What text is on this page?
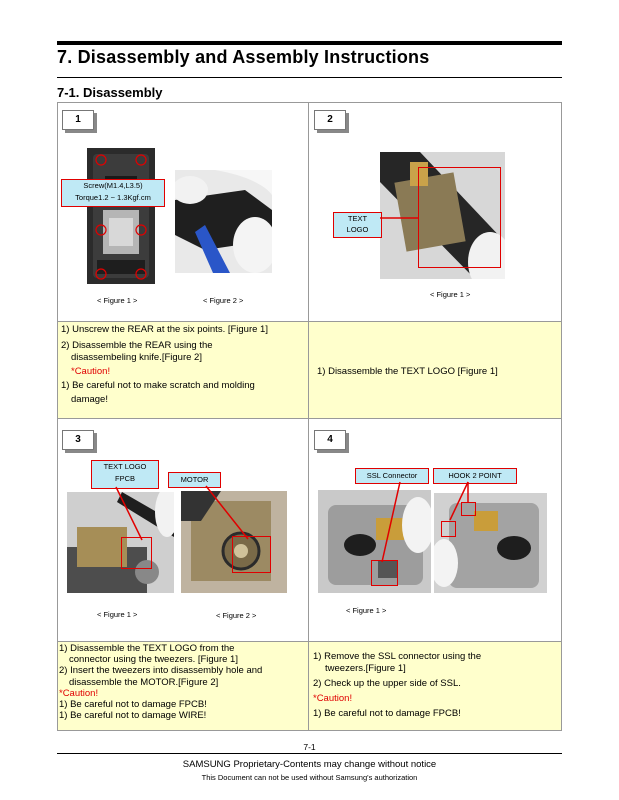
7. Disassembly and Assembly Instructions
7-1. Disassembly
1
Screw(M1.4,L3.5)
Torque1.2 ~ 1.3Kgf.cm
< Figure 1 >	< Figure 2 >
1) Unscrew the REAR at the six points. [Figure 1]
2) Disassemble the REAR using the
disassembeling knife.[Figure 2]
*Caution!
1) Be careful not to make scratch and molding
damage!
2
TEXT
LOGO
< Figure 1 >
1) Disassemble the TEXT LOGO [Figure 1]
3
TEXT LOGO
FPCB	MOTOR
< Figure 1 >	< Figure 2 >
1) Disassemble the TEXT LOGO from the
connector using the tweezers. [Figure 1]
2) Insert the tweezers into disassembly hole and
disassemble the MOTOR.[Figure 2]
*Caution!
1) Be careful not to damage FPCB!
1) Be careful not to damage WIRE!
4
SSL Connector	HOOK 2 POINT
< Figure 1 >
1) Remove the SSL connector using the
tweezers.[Figure 1]
2) Check up the upper side of SSL.
*Caution!
1) Be careful not to damage FPCB!
7-1
SAMSUNG Proprietary-Contents may change without notice
This Document can not be used without Samsung's authorization
